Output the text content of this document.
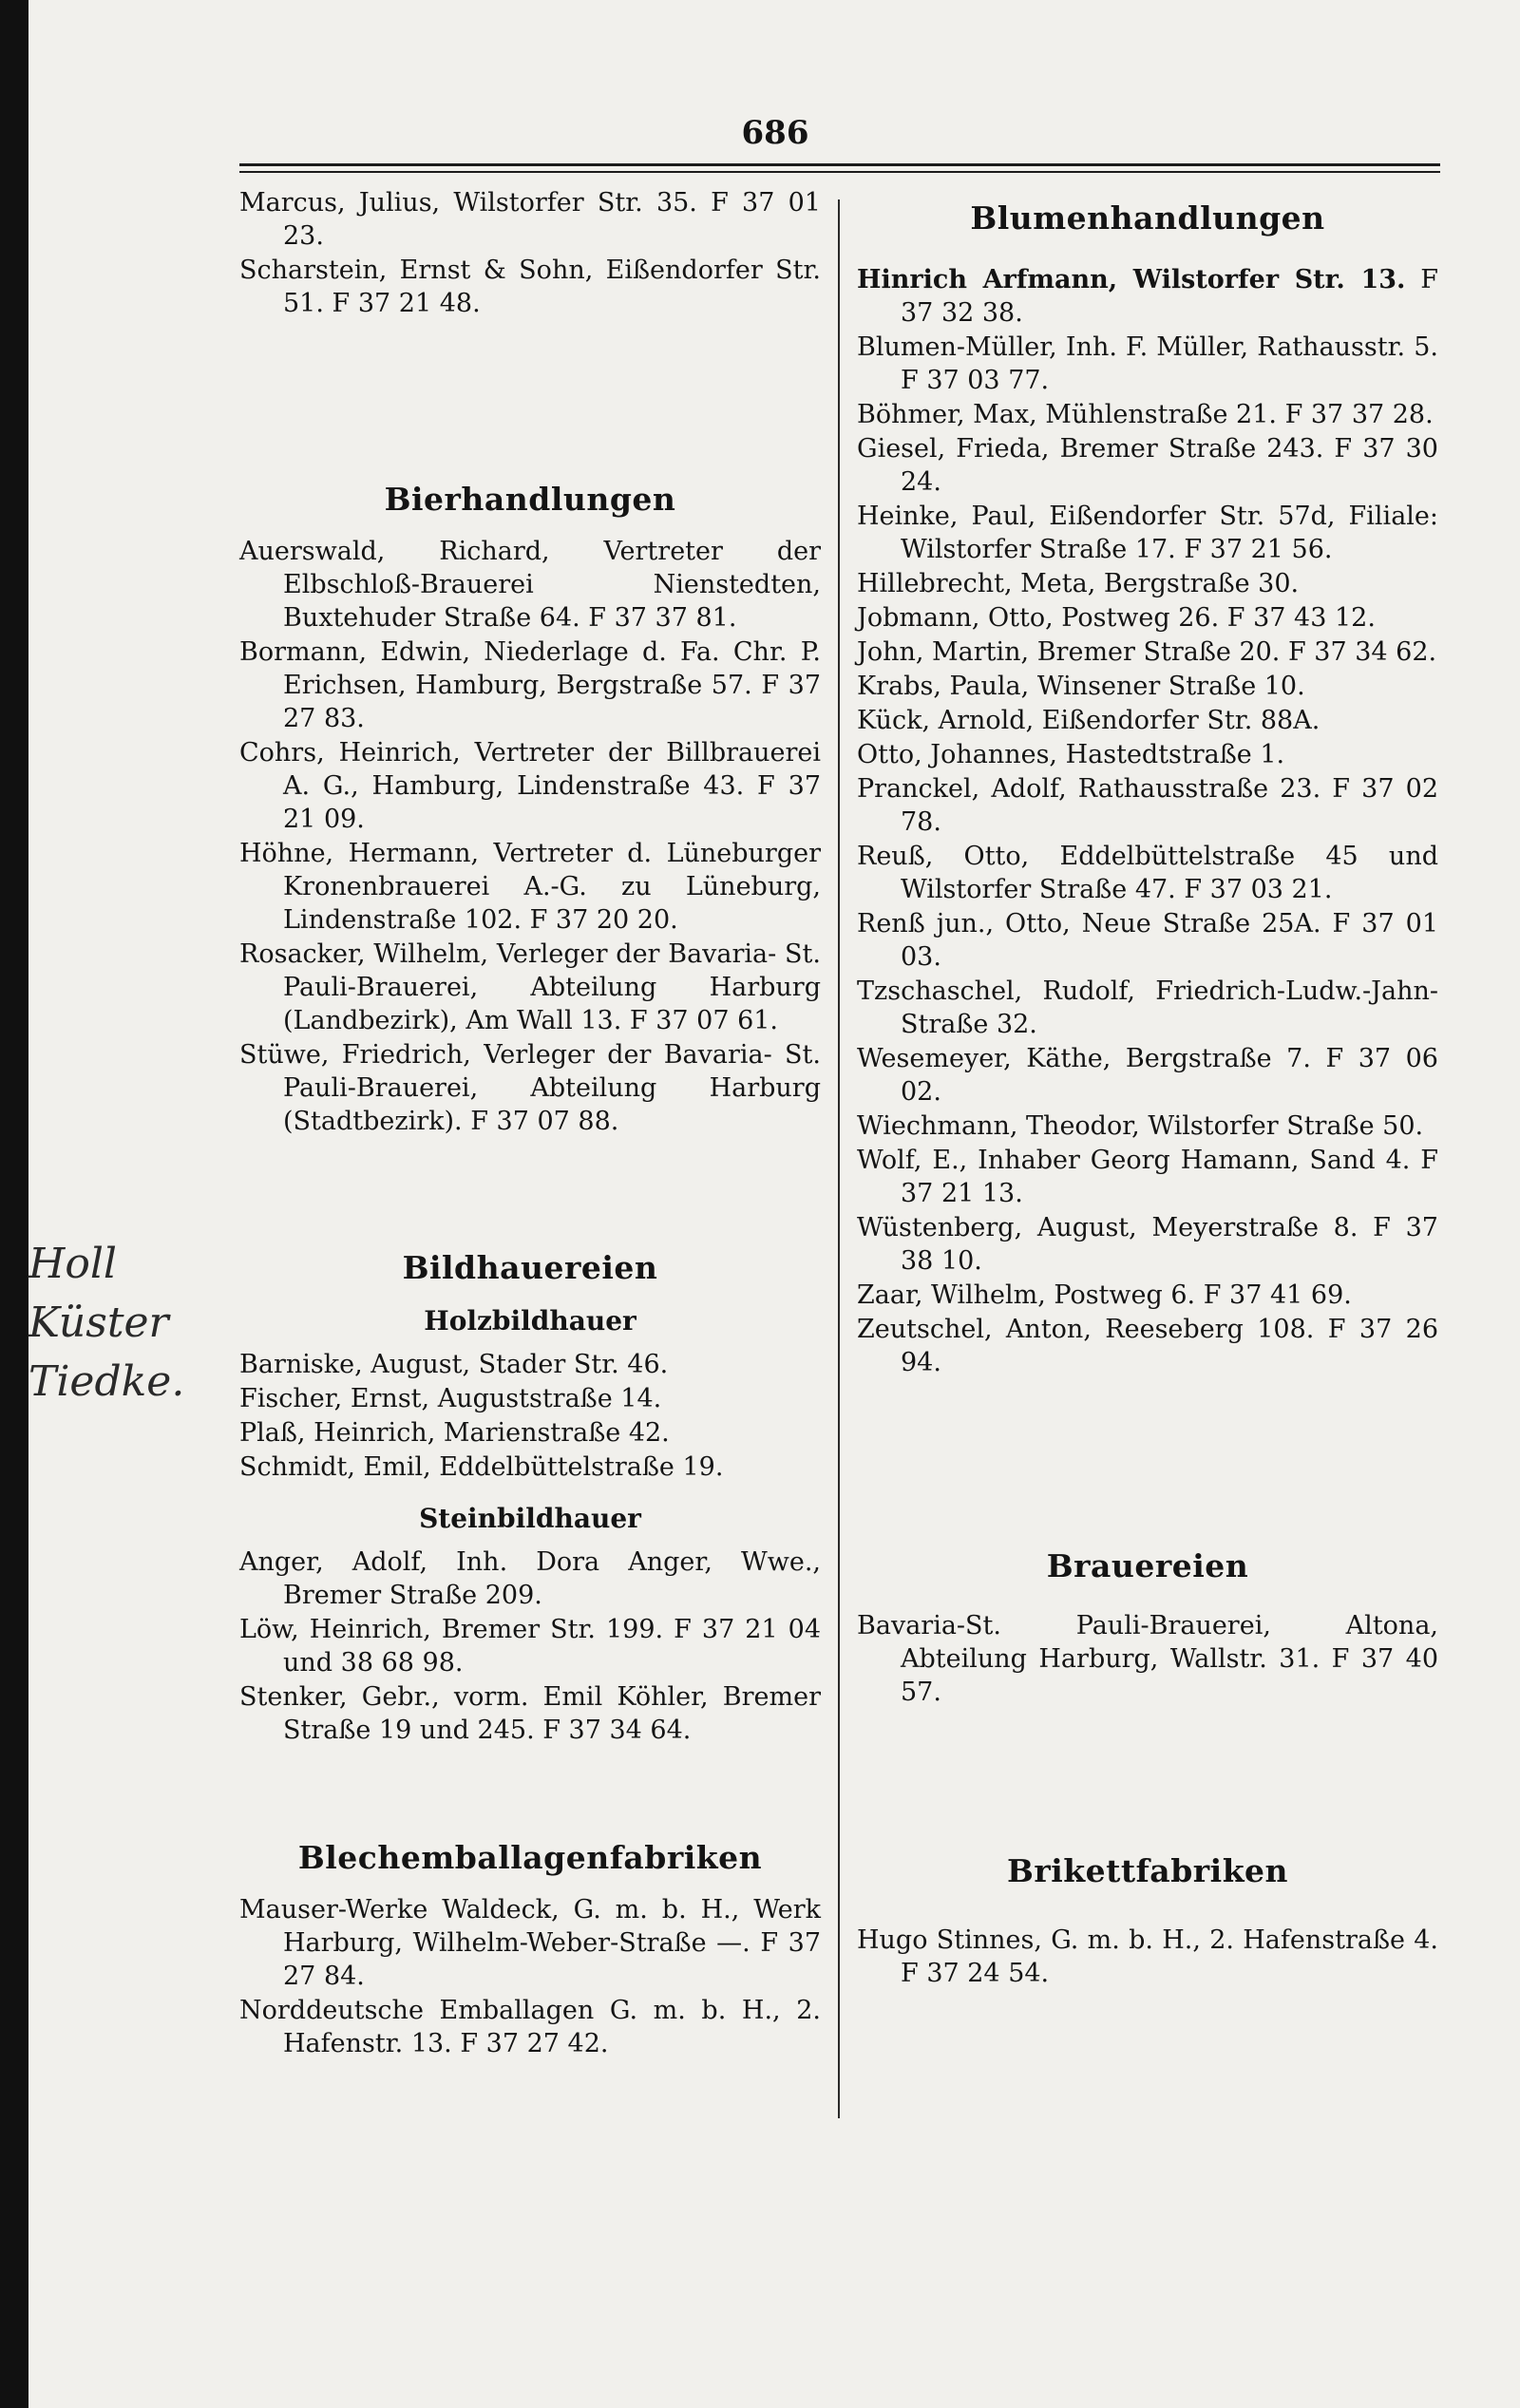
686
Holl
Küster
Tiedke.

Marcus, Julius, Wilstorfer Str. 35. F 37 01 23.

Scharstein, Ernst & Sohn, Eißendorfer Str. 51. F 37 21 48.

Bierhandlungen

Auerswald, Richard, Vertreter der Elbschloß-Brauerei Nienstedten, Buxtehuder Straße 64. F 37 37 81.

Bormann, Edwin, Niederlage d. Fa. Chr. P. Erichsen, Hamburg, Bergstraße 57. F 37 27 83.

Cohrs, Heinrich, Vertreter der Billbrauerei A. G., Hamburg, Lindenstraße 43. F 37 21 09.

Höhne, Hermann, Vertreter d. Lüneburger Kronenbrauerei A.-G. zu Lüneburg, Lindenstraße 102. F 37 20 20.

Rosacker, Wilhelm, Verleger der Bavaria- St. Pauli-Brauerei, Abteilung Harburg (Landbezirk), Am Wall 13. F 37 07 61.

Stüwe, Friedrich, Verleger der Bavaria- St. Pauli-Brauerei, Abteilung Harburg (Stadtbezirk). F 37 07 88.

Bildhauereien
Holzbildhauer

Barniske, August, Stader Str. 46.

Fischer, Ernst, Auguststraße 14.

Plaß, Heinrich, Marienstraße 42.

Schmidt, Emil, Eddelbüttelstraße 19.

Steinbildhauer

Anger, Adolf, Inh. Dora Anger, Wwe., Bremer Straße 209.

Löw, Heinrich, Bremer Str. 199. F 37 21 04 und 38 68 98.

Stenker, Gebr., vorm. Emil Köhler, Bremer Straße 19 und 245. F 37 34 64.

Blechemballagenfabriken

Mauser-Werke Waldeck, G. m. b. H., Werk Harburg, Wilhelm-Weber-Straße —. F 37 27 84.

Norddeutsche Emballagen G. m. b. H., 2. Hafenstr. 13. F 37 27 42.

Blumenhandlungen

Hinrich Arfmann, Wilstorfer Str. 13. F 37 32 38.

Blumen-Müller, Inh. F. Müller, Rathausstr. 5. F 37 03 77.

Böhmer, Max, Mühlenstraße 21. F 37 37 28.

Giesel, Frieda, Bremer Straße 243. F 37 30 24.

Heinke, Paul, Eißendorfer Str. 57d, Filiale: Wilstorfer Straße 17. F 37 21 56.

Hillebrecht, Meta, Bergstraße 30.

Jobmann, Otto, Postweg 26. F 37 43 12.

John, Martin, Bremer Straße 20. F 37 34 62.

Krabs, Paula, Winsener Straße 10.

Kück, Arnold, Eißendorfer Str. 88A.

Otto, Johannes, Hastedtstraße 1.

Pranckel, Adolf, Rathausstraße 23. F 37 02 78.

Reuß, Otto, Eddelbüttelstraße 45 und Wilstorfer Straße 47. F 37 03 21.

Renß jun., Otto, Neue Straße 25A. F 37 01 03.

Tzschaschel, Rudolf, Friedrich-Ludw.-Jahn-Straße 32.

Wesemeyer, Käthe, Bergstraße 7. F 37 06 02.

Wiechmann, Theodor, Wilstorfer Straße 50.

Wolf, E., Inhaber Georg Hamann, Sand 4. F 37 21 13.

Wüstenberg, August, Meyerstraße 8. F 37 38 10.

Zaar, Wilhelm, Postweg 6. F 37 41 69.

Zeutschel, Anton, Reeseberg 108. F 37 26 94.

Brauereien

Bavaria-St. Pauli-Brauerei, Altona, Abteilung Harburg, Wallstr. 31. F 37 40 57.

Brikettfabriken

Hugo Stinnes, G. m. b. H., 2. Hafenstraße 4. F 37 24 54.
